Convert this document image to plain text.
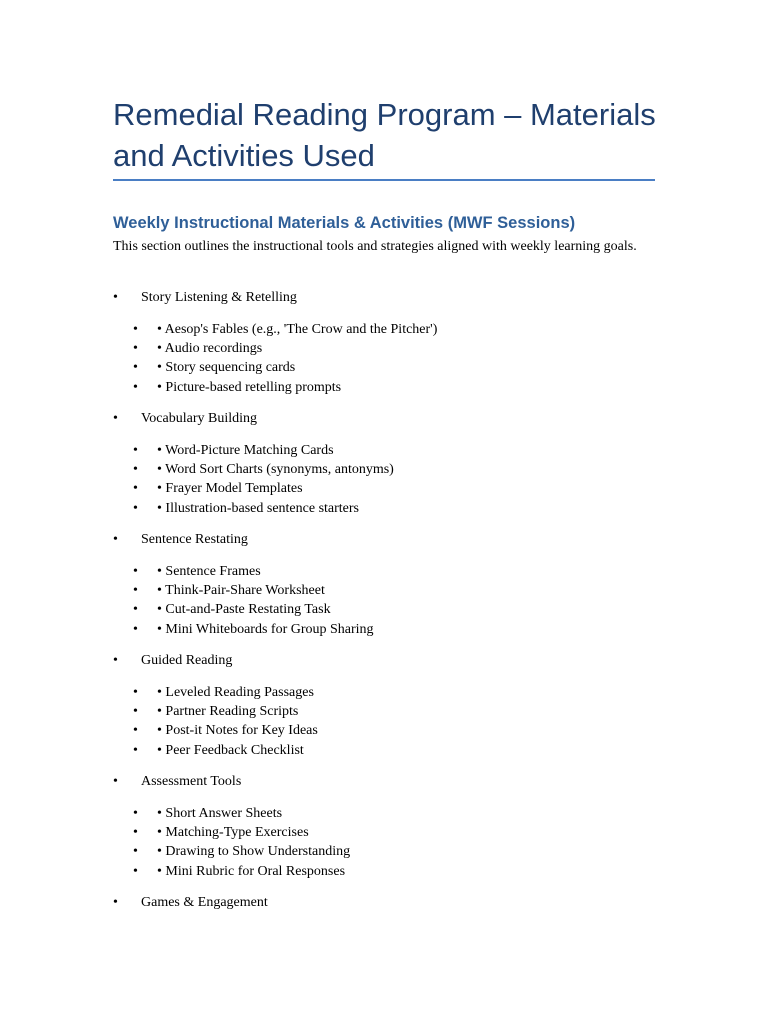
Remedial Reading Program – Materials and Activities Used
Weekly Instructional Materials & Activities (MWF Sessions)

This section outlines the instructional tools and strategies aligned with weekly learning goals.

• Story Listening & Retelling
• • Aesop's Fables (e.g., 'The Crow and the Pitcher')
• • Audio recordings
• • Story sequencing cards
• • Picture-based retelling prompts
• Vocabulary Building
• • Word-Picture Matching Cards
• • Word Sort Charts (synonyms, antonyms)
• • Frayer Model Templates
• • Illustration-based sentence starters
• Sentence Restating
• • Sentence Frames
• • Think-Pair-Share Worksheet
• • Cut-and-Paste Restating Task
• • Mini Whiteboards for Group Sharing
• Guided Reading
• • Leveled Reading Passages
• • Partner Reading Scripts
• • Post-it Notes for Key Ideas
• • Peer Feedback Checklist
• Assessment Tools
• • Short Answer Sheets
• • Matching-Type Exercises
• • Drawing to Show Understanding
• • Mini Rubric for Oral Responses
• Games & Engagement
